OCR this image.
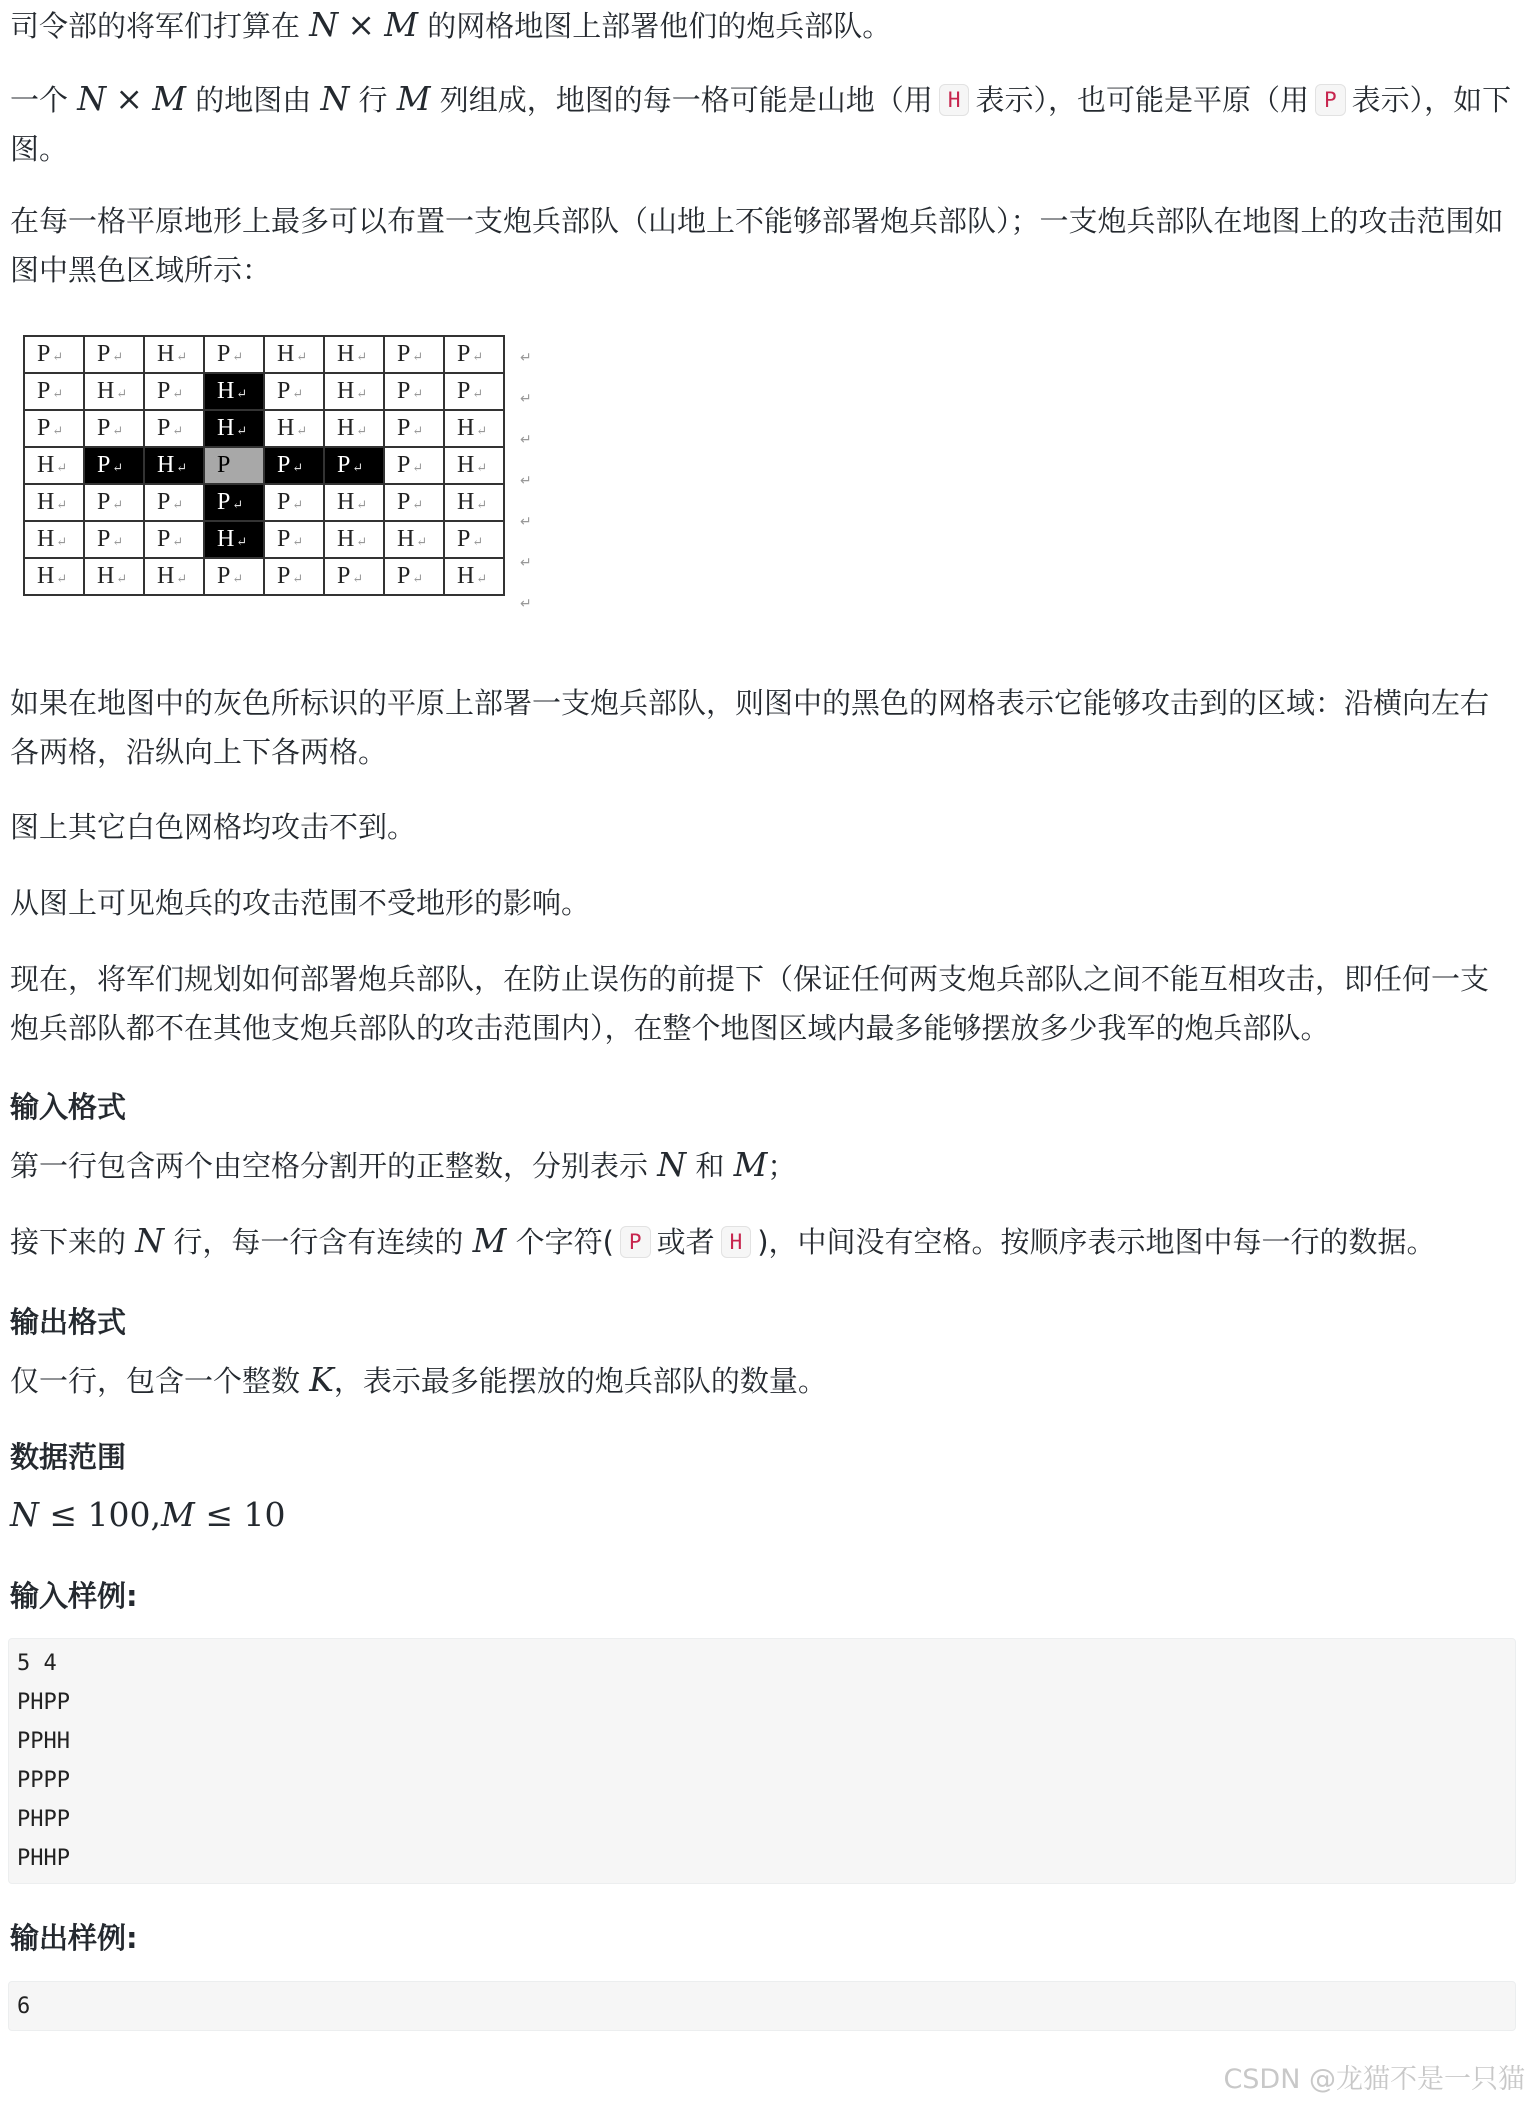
司令部的将军们打算在 N × M 的网格地图上部署他们的炮兵部队。

一个 N × M 的地图由 N 行 M 列组成，地图的每一格可能是山地（用 H 表示），也可能是平原（用 P 表示），如下图。

在每一格平原地形上最多可以布置一支炮兵部队（山地上不能够部署炮兵部队）；一支炮兵部队在地图上的攻击范围如图中黑色区域所示：

P ↵	P ↵	H ↵	P ↵	H ↵	H ↵	P ↵	P ↵
P ↵	H ↵	P ↵	H ↵	P ↵	H ↵	P ↵	P ↵
P ↵	P ↵	P ↵	H ↵	H ↵	H ↵	P ↵	H ↵
H ↵	P ↵	H ↵	P	P ↵	P ↵	P ↵	H ↵
H ↵	P ↵	P ↵	P ↵	P ↵	H ↵	P ↵	H ↵
H ↵	P ↵	P ↵	H ↵	P ↵	H ↵	H ↵	P ↵
H ↵	H ↵	H ↵	P ↵	P ↵	P ↵	P ↵	H ↵
↵
↵
↵
↵
↵
↵
↵

如果在地图中的灰色所标识的平原上部署一支炮兵部队，则图中的黑色的网格表示它能够攻击到的区域：沿横向左右各两格，沿纵向上下各两格。

图上其它白色网格均攻击不到。

从图上可见炮兵的攻击范围不受地形的影响。

现在，将军们规划如何部署炮兵部队，在防止误伤的前提下（保证任何两支炮兵部队之间不能互相攻击，即任何一支炮兵部队都不在其他支炮兵部队的攻击范围内），在整个地图区域内最多能够摆放多少我军的炮兵部队。

输入格式

第一行包含两个由空格分割开的正整数，分别表示 N 和 M；

接下来的 N 行，每一行含有连续的 M 个字符( P 或者 H )，中间没有空格。按顺序表示地图中每一行的数据。

输出格式

仅一行，包含一个整数 K，表示最多能摆放的炮兵部队的数量。

数据范围

N ≤ 100,M ≤ 10

输入样例:
5 4
PHPP
PPHH
PPPP
PHPP
PHHP
输出样例:
6
CSDN @龙猫不是一只猫
